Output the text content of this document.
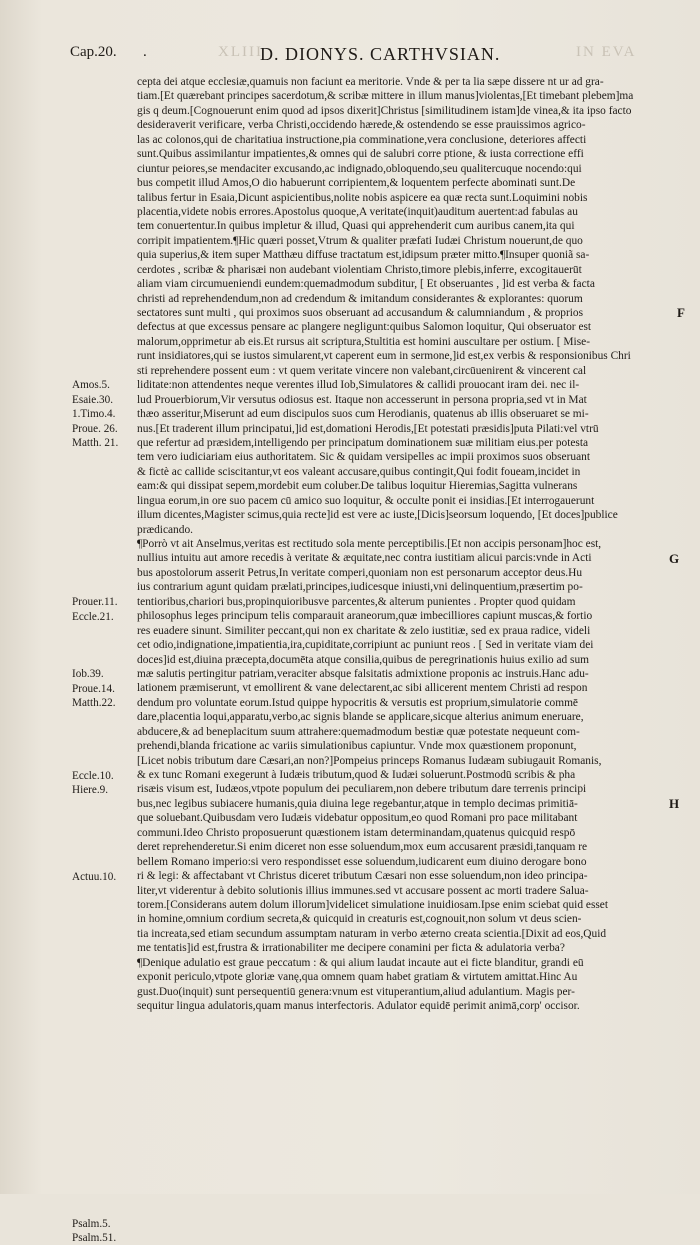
Cap.20. .	XLIII
D. DIONYS. CARTHVSIAN.	IN EVA
Amos.5.
Esaie.30.
1.Timo.4.
Proue. 26.
Matth. 21.
Prouer.11.
Eccle.21.
Iob.39.
Proue.14.
Matth.22.
Eccle.10.
Hiere.9.
Actuu.10.
Psalm.5.
Psalm.51.
cepta dei atque ecclesiæ,quamuis non faciunt ea meritorie. Vnde & per ta lia sæpe dissere nt ur ad gra-
tiam.[Et quærebant principes sacerdotum,& scribæ mittere in illum manus]violentas,[Et timebant plebem]ma
gis q deum.[Cognouerunt enim quod ad ipsos dixerit]Christus [similitudinem istam]de vinea,& ita ipso facto
desideraverit verificare, verba Christi,occidendo hærede,& ostendendo se esse prauissimos agrico-
las ac colonos,qui de charitatiua instructione,pia comminatione,vera conclusione, deteriores affecti
sunt.Quibus assimilantur impatientes,& omnes qui de salubri corre ptione, & iusta correctione effi
ciuntur peiores,se mendaciter excusando,ac indignado,obloquendo,seu qualitercuque nocendo:qui
bus competit illud Amos,O dio habuerunt corripientem,& loquentem perfecte abominati sunt.De
talibus fertur in Esaia,Dicunt aspicientibus,nolite nobis aspicere ea quæ recta sunt.Loquimini nobis
placentia,videte nobis errores.Apostolus quoque,A veritate(inquit)auditum auertent:ad fabulas au
tem conuertentur.In quibus impletur & illud, Quasi qui apprehenderit cum auribus canem,ita qui
corripit impatientem.¶Hic quæri posset,Vtrum & qualiter præfati Iudæi Christum nouerunt,de quo
quia superius,& item super Matthæu diffuse tractatum est,idipsum præter mitto.¶Insuper quoniã sa-
cerdotes , scribæ & pharisæi non audebant violentiam Christo,timore plebis,inferre, excogitauerūt
aliam viam circumueniendi eundem:quemadmodum subditur, [ Et obseruantes , ]id est verba & facta
christi ad reprehendendum,non ad credendum & imitandum considerantes & explorantes: quorum
sectatores sunt multi , qui proximos suos obseruant ad accusandum & calumniandum , & proprios
defectus at que excessus pensare ac plangere negligunt:quibus Salomon loquitur, Qui obseruator est
malorum,opprimetur ab eis.Et rursus ait scriptura,Stultitia est homini auscultare per ostium. [ Mise-
runt insidiatores,qui se iustos simularent,vt caperent eum in sermone,]id est,ex verbis & responsionibus Chri
sti reprehendere possent eum : vt quem veritate vincere non valebant,circūuenirent & vincerent cal
liditate:non attendentes neque verentes illud Iob,Simulatores & callidi prouocant iram dei. nec il-
lud Prouerbiorum,Vir versutus odiosus est. Itaque non accesserunt in persona propria,sed vt in Mat
thæo asseritur,Miserunt ad eum discipulos suos cum Herodianis, quatenus ab illis obseruaret se mi-
nus.[Et traderent illum principatui,]id est,domationi Herodis,[Et potestati præsidis]puta Pilati:vel vtrū
que refertur ad præsidem,intelligendo per principatum dominationem suæ militiam eius.per potesta
tem vero iudiciariam eius authoritatem. Sic & quidam versipelles ac impii proximos suos obseruant
& fictè ac callide sciscitantur,vt eos valeant accusare,quibus contingit,Qui fodit foueam,incidet in
eam:& qui dissipat sepem,mordebit eum coluber.De talibus loquitur Hieremias,Sagitta vulnerans
lingua eorum,in ore suo pacem cū amico suo loquitur, & occulte ponit ei insidias.[Et interrogauerunt
illum dicentes,Magister scimus,quia recte]id est vere ac iuste,[Dicis]seorsum loquendo, [Et doces]publice
prædicando.
¶Porrò vt ait Anselmus,veritas est rectitudo sola mente perceptibilis.[Et non accipis personam]hoc est,
nullius intuitu aut amore recedis à veritate & æquitate,nec contra iustitiam alicui parcis:vnde in Acti
bus apostolorum asserit Petrus,In veritate comperi,quoniam non est personarum acceptor deus.Hu
ius contrarium agunt quidam prælati,principes,iudicesque iniusti,vni delinquentium,præsertim po-
tentioribus,chariori bus,propinquioribusve parcentes,& alterum punientes . Propter quod quidam
philosophus leges principum telis comparauit araneorum,quæ imbecilliores capiunt muscas,& fortio
res euadere sinunt. Similiter peccant,qui non ex charitate & zelo iustitiæ, sed ex praua radice, videli
cet odio,indignatione,impatientia,ira,cupiditate,corripiunt ac puniunt reos . [ Sed in veritate viam dei
doces]id est,diuina præcepta,documēta atque consilia,quibus de peregrinationis huius exilio ad sum
mæ salutis pertingitur patriam,veraciter absque falsitatis admixtione proponis ac instruis.Hanc adu-
lationem præmiserunt, vt emollirent & vane delectarent,ac sibi allicerent mentem Christi ad respon
dendum pro voluntate eorum.Istud quippe hypocritis & versutis est proprium,simulatorie commē
dare,placentia loqui,apparatu,verbo,ac signis blande se applicare,sicque alterius animum eneruare,
abducere,& ad beneplacitum suum attrahere:quemadmodum bestiæ quæ potestate nequeunt com-
prehendi,blanda fricatione ac variis simulationibus capiuntur. Vnde mox quæstionem proponunt,
[Licet nobis tributum dare Cæsari,an non?]Pompeius princeps Romanus Iudæam subiugauit Romanis,
& ex tunc Romani exegerunt à Iudæis tributum,quod & Iudæi soluerunt.Postmodū scribis & pha
risæis visum est, Iudæos,vtpote populum dei peculiarem,non debere tributum dare terrenis principi
bus,nec legibus subiacere humanis,quia diuina lege regebantur,atque in templo decimas primitiā-
que soluebant.Quibusdam vero Iudæis videbatur oppositum,eo quod Romani pro pace militabant
communi.Ideo Christo proposuerunt quæstionem istam determinandam,quatenus quicquid respō
deret reprehenderetur.Si enim diceret non esse soluendum,mox eum accusarent præsidi,tanquam re
bellem Romano imperio:si vero respondisset esse soluendum,iudicarent eum diuino derogare bono
ri & legi: & affectabant vt Christus diceret tributum Cæsari non esse soluendum,non ideo principa-
liter,vt viderentur à debito solutionis illius immunes.sed vt accusare possent ac morti tradere Salua-
torem.[Considerans autem dolum illorum]videlicet simulatione inuidiosam.Ipse enim sciebat quid esset
in homine,omnium cordium secreta,& quicquid in creaturis est,cognouit,non solum vt deus scien-
tia increata,sed etiam secundum assumptam naturam in verbo æterno creata scientia.[Dixit ad eos,Quid
me tentatis]id est,frustra & irrationabiliter me decipere conamini per ficta & adulatoria verba?
¶Denique adulatio est graue peccatum : & qui alium laudat incaute aut ei ficte blanditur, grandi eū
exponit periculo,vtpote gloriæ vanę,qua omnem quam habet gratiam & virtutem amittat.Hinc Au
gust.Duo(inquit) sunt persequentiū genera:vnum est vituperantium,aliud adulantium. Magis per-
sequitur lingua adulatoris,quam manus interfectoris. Adulator equidē perimit animā,corp' occisor.
F
G
H
